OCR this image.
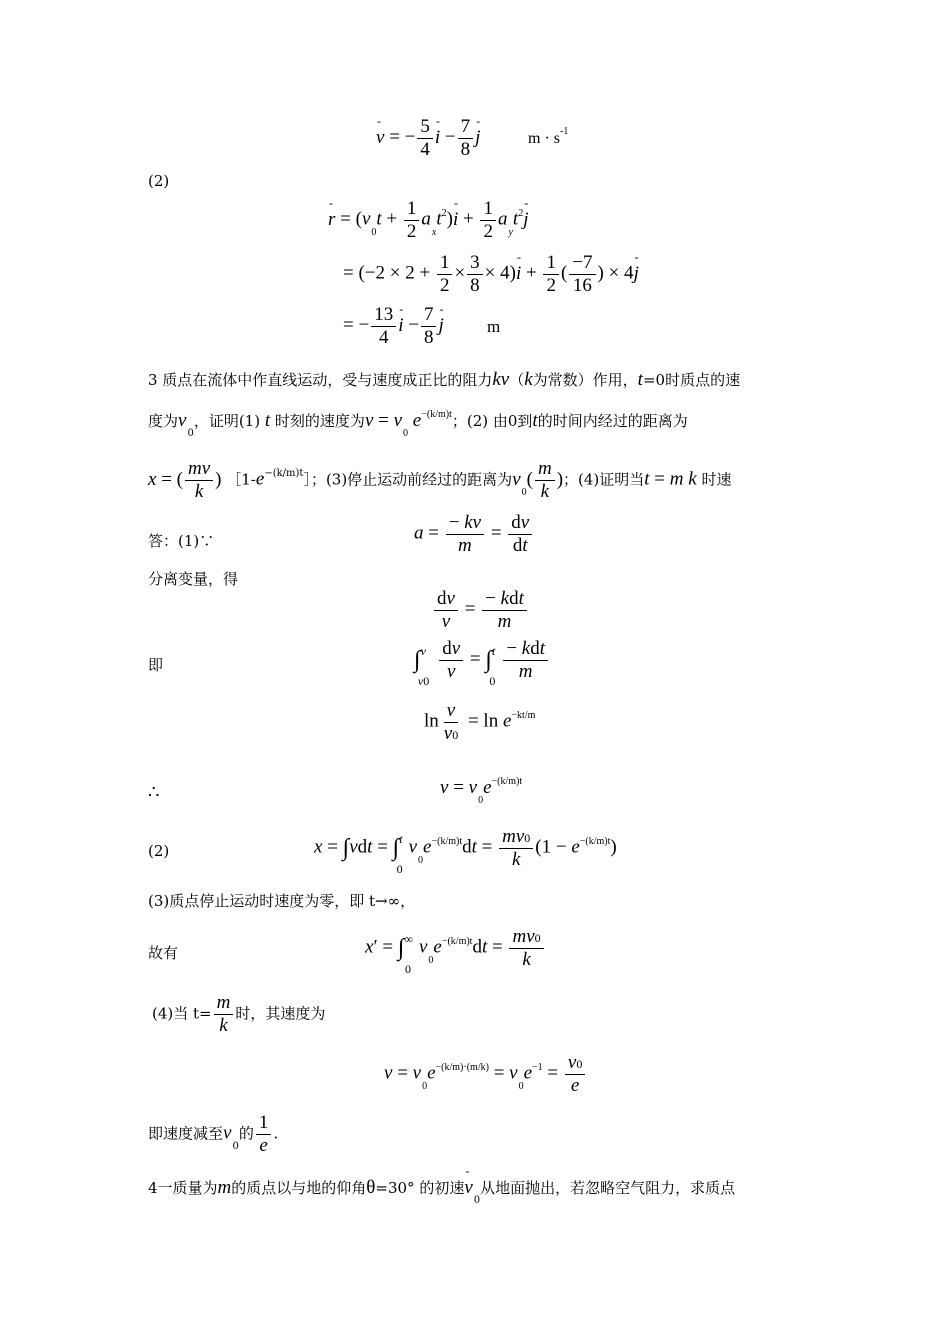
- v = − $\frac{5}{4}$
- $i - \frac{7}{8}$
- j	$m \cdot s^{-1}$
(2)
- $r = (v_0t + \frac{1}{2} a_xt^2)-$ $i + \frac{1}{2} a_yt^2-$ j
= $(-2 \times 2 + \frac{1}{2} \times \frac{3}{8} \times 4)-$ $i + \frac{1}{2}$ ( $\frac{-7}{16}$ ) × 4- j
= − $\frac{13}{4}$
- $i - \frac{7}{8}$
- j	m
3 质点在流体中作直线运动，受与速度成正比的阻力kv（k为常数）作用，t=0时质点的速
度为$v_0$，证明(1) t 时刻的速度为$v = v_0$ $e^{-(k/m)t}$；(2) 由0到t的时间内经过的距离为
x = ( $\frac{mv}{k}$ ) $[1-e^{-(k/m)t}]$；(3)停止运动前经过的距离为$v_0( \frac{m}{k}$ )；(4)证明当t = m k 时速
答：(1)∵	$a = \frac{- kv}{m} = \frac{dv}{dt}$
分离变量，得
$\frac{dv}{v} = \frac{\text{− kdt}}{m}$
即	$\int^v_{v0} \frac{dv}{v} = \int^t_0 \frac{\text{− kdt}}{m}$
$\ln \frac{v}{v0} = \ln e^{-kt/m}$
∴	$v = v_0e^{-(k/m)t}$
(2)	$x = \int vdt = \int^t_0v_0e^{-(k/m)t}dt = \frac{mv0}{k} (1 - e^{-(k/m)t})$
(3)质点停止运动时速度为零，即 t→∞，
故有	$x' = \int^\infty_0v_0e^{-(k/m)t}dt = \frac{mv0}{k}$
(4)当 $t= \frac{m}{k}$ 时，其速度为
$v = v_0e^{-(k/m)\cdot(m/k)} = v_0e^{-1} = \frac{v0}{e}$
即速度减至$v_0$的 $\frac{1}{e}$ .
4一质量为m的质点以与地的仰角θ=30° 的初速- $v_0$从地面抛出，若忽略空气阻力，求质点
